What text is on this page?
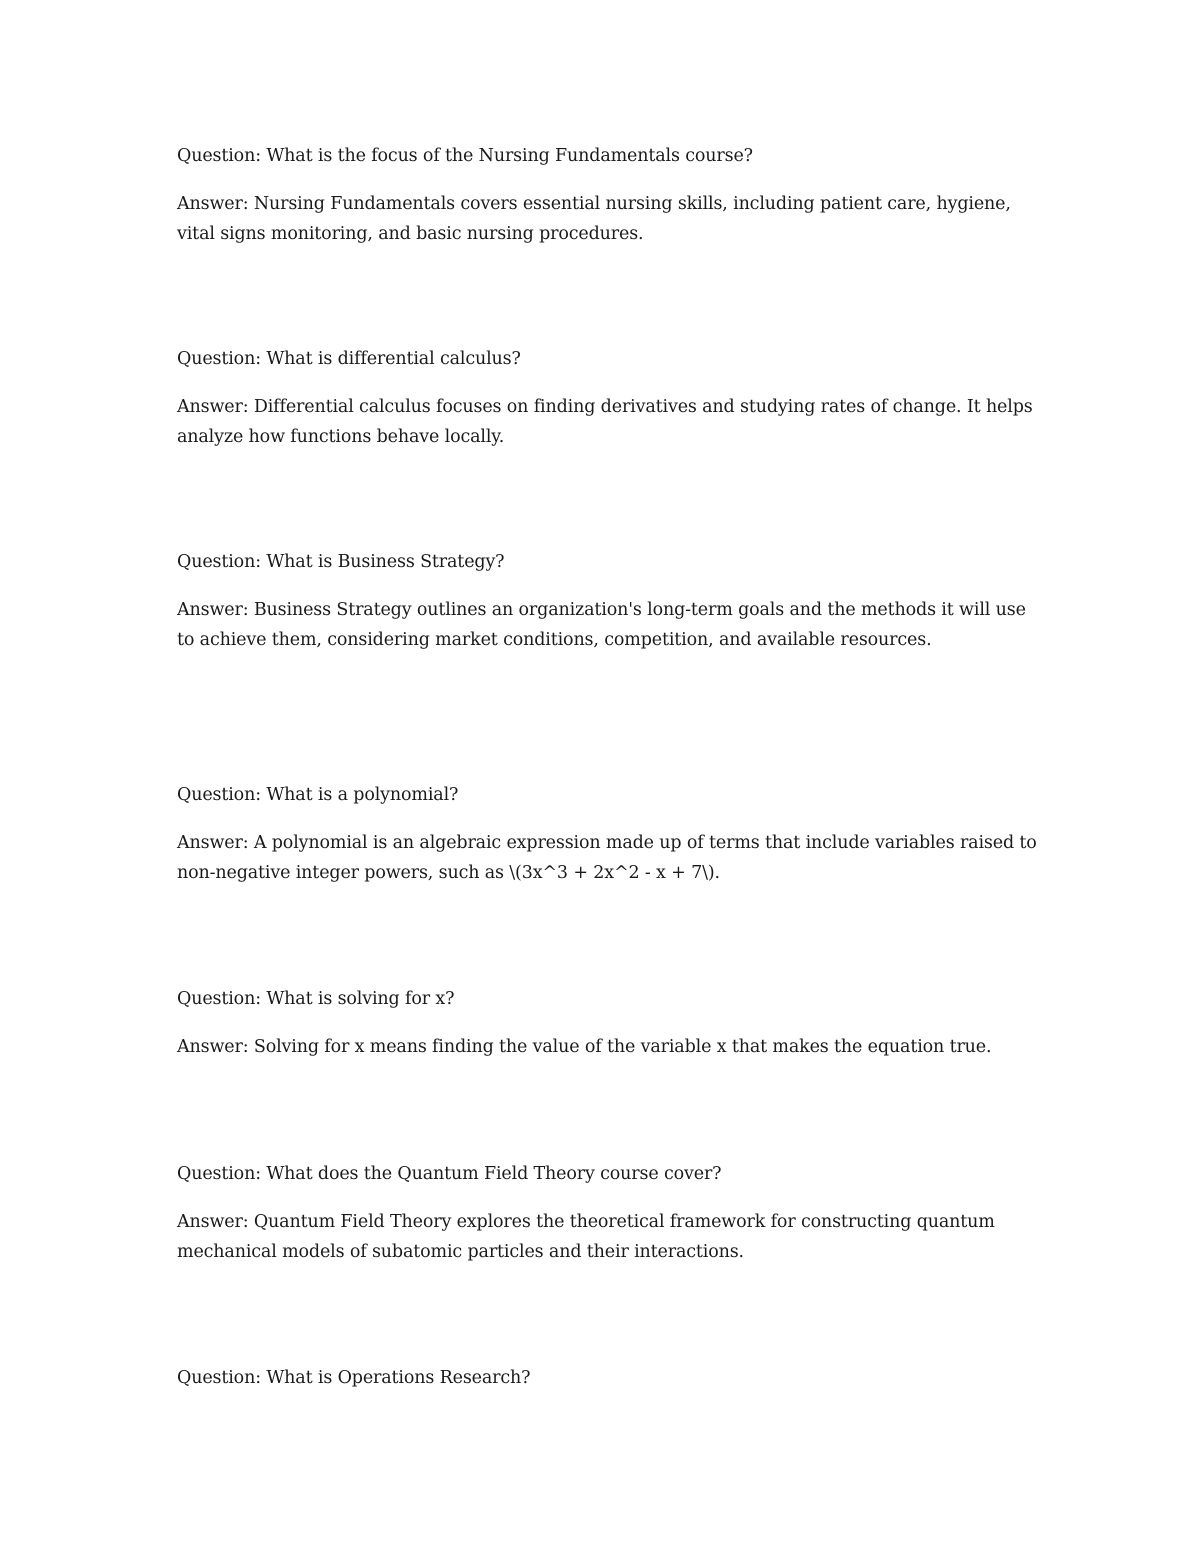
Question: What is the focus of the Nursing Fundamentals course?

Answer: Nursing Fundamentals covers essential nursing skills, including patient care, hygiene, vital signs monitoring, and basic nursing procedures.

Question: What is differential calculus?

Answer: Differential calculus focuses on finding derivatives and studying rates of change. It helps analyze how functions behave locally.

Question: What is Business Strategy?

Answer: Business Strategy outlines an organization's long-term goals and the methods it will use to achieve them, considering market conditions, competition, and available resources.

Question: What is a polynomial?

Answer: A polynomial is an algebraic expression made up of terms that include variables raised to non-negative integer powers, such as \(3x^3 + 2x^2 - x + 7\).

Question: What is solving for x?

Answer: Solving for x means finding the value of the variable x that makes the equation true.

Question: What does the Quantum Field Theory course cover?

Answer: Quantum Field Theory explores the theoretical framework for constructing quantum mechanical models of subatomic particles and their interactions.

Question: What is Operations Research?
